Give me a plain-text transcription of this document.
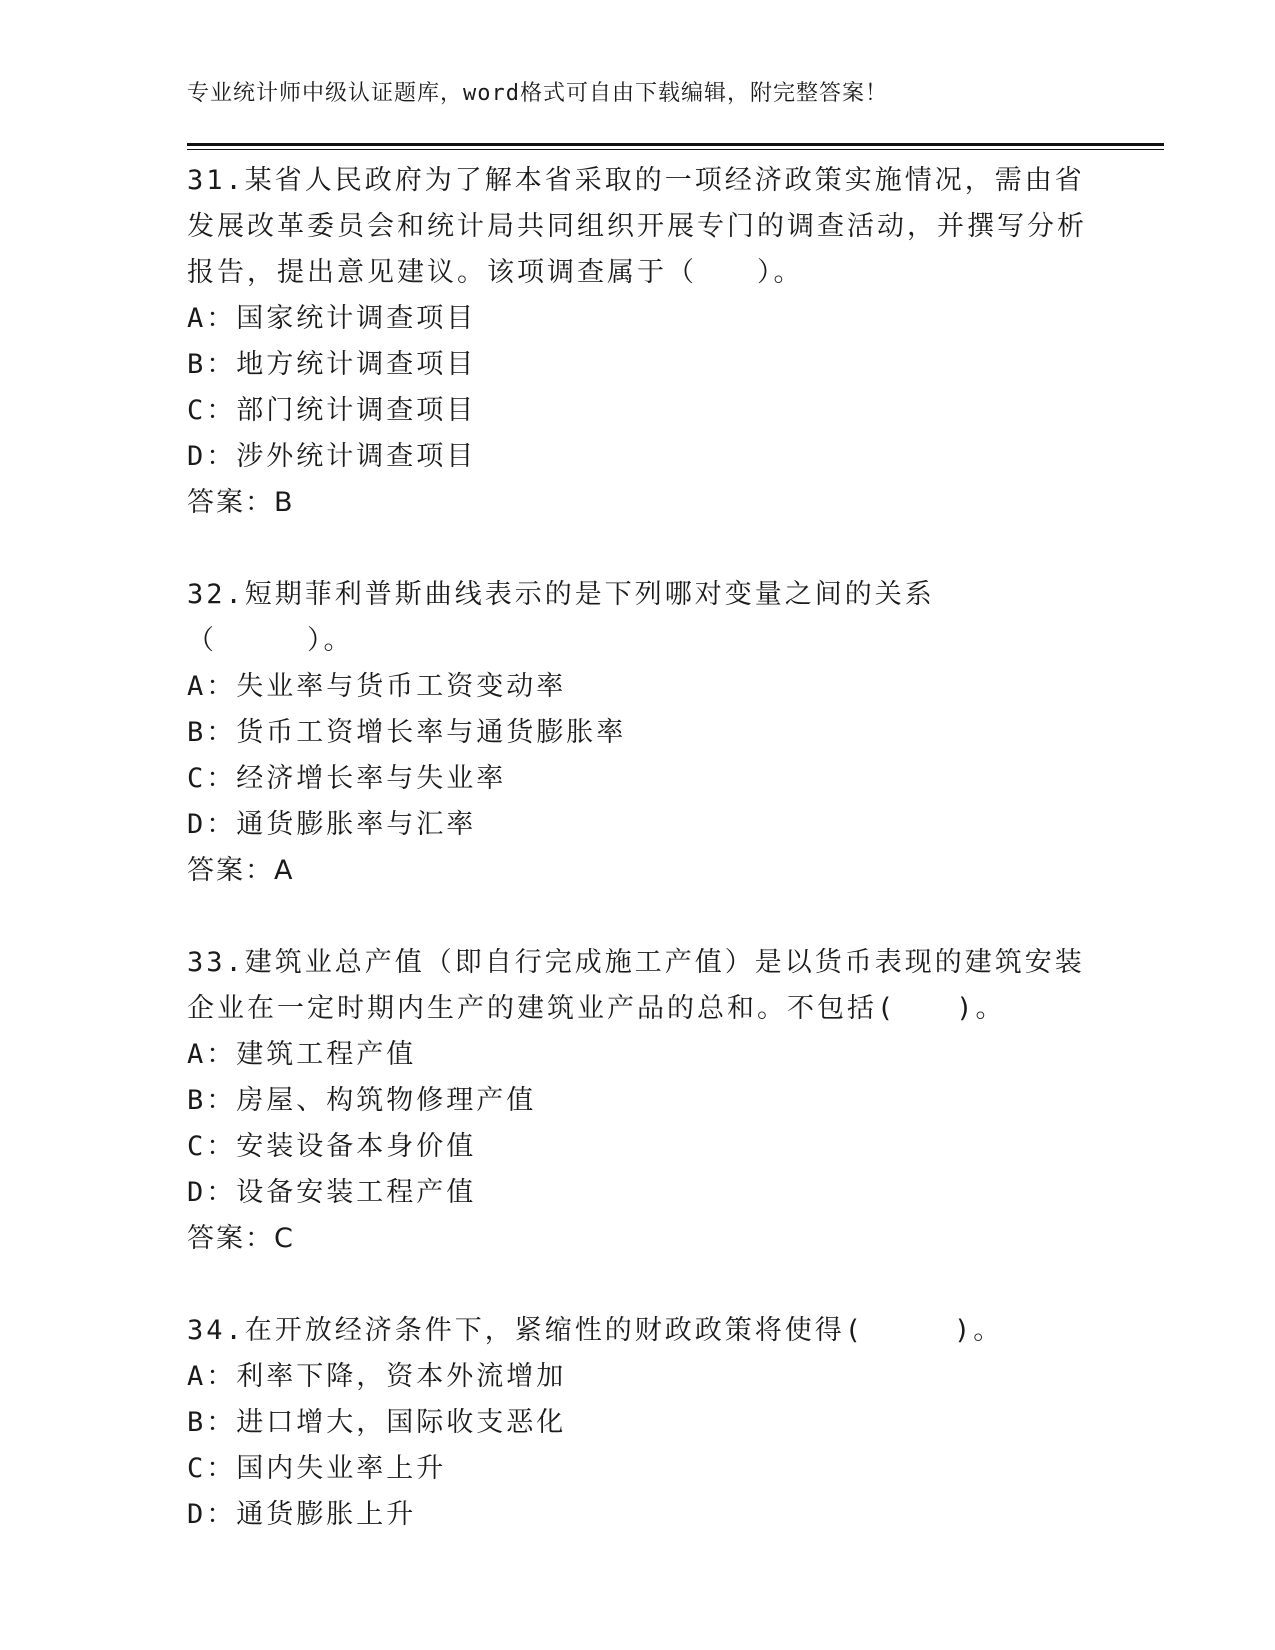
专业统计师中级认证题库，word格式可自由下载编辑，附完整答案！
31.某省人民政府为了解本省采取的一项经济政策实施情况，需由省发展改革委员会和统计局共同组织开展专门的调查活动，并撰写分析报告，提出意见建议。该项调查属于（　　）。
A：国家统计调查项目
B：地方统计调查项目
C：部门统计调查项目
D：涉外统计调查项目
答案：B
32.短期菲利普斯曲线表示的是下列哪对变量之间的关系（　　　）。
A：失业率与货币工资变动率
B：货币工资增长率与通货膨胀率
C：经济增长率与失业率
D：通货膨胀率与汇率
答案：A
33.建筑业总产值（即自行完成施工产值）是以货币表现的建筑安装企业在一定时期内生产的建筑业产品的总和。不包括(　　)。
A：建筑工程产值
B：房屋、构筑物修理产值
C：安装设备本身价值
D：设备安装工程产值
答案：C
34.在开放经济条件下，紧缩性的财政政策将使得(　　　)。
A：利率下降，资本外流增加
B：进口增大，国际收支恶化
C：国内失业率上升
D：通货膨胀上升
